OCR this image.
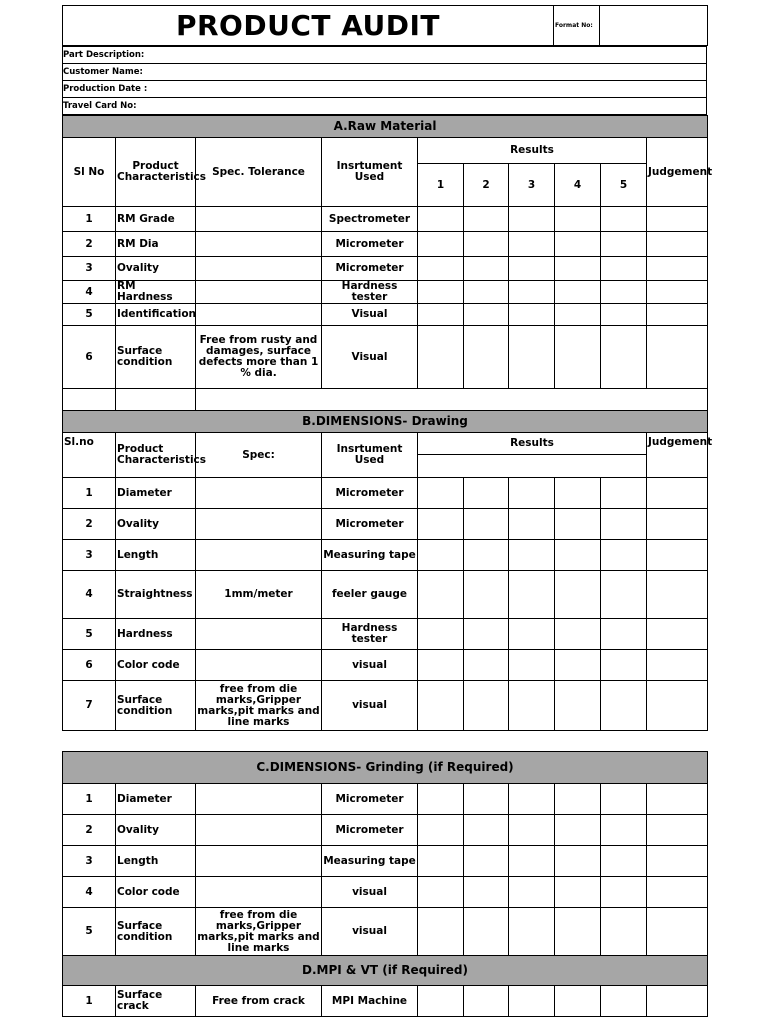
PRODUCT AUDIT	Format No:	
Part Description:
Customer Name:
Production Date :
Travel Card No:
A.Raw Material									
Sl No	Product Characteristics	Spec. Tolerance	Insrtument Used	Results					Judgement
				1	2	3	4	5	
1	RM Grade		Spectrometer						
2	RM Dia		Micrometer						
3	Ovality		Micrometer						
4	RM Hardness		Hardness tester						
5	Identification		Visual						
6	Surface condition	Free from rusty and damages, surface defects more than 1 % dia.	Visual						

B.DIMENSIONS- Drawing									
Sl.no	Product Characteristics	Spec:	Insrtument Used	Results					Judgement

1	Diameter		Micrometer						
2	Ovality		Micrometer						
3	Length		Measuring tape						
4	Straightness	1mm/meter	feeler gauge						
5	Hardness		Hardness tester						
6	Color code		visual						
7	Surface condition	free from die marks,Gripper marks,pit marks and line marks	visual						
C.DIMENSIONS- Grinding (if Required)									
1	Diameter		Micrometer						
2	Ovality		Micrometer						
3	Length		Measuring tape						
4	Color code		visual						
5	Surface condition	free from die marks,Gripper marks,pit marks and line marks	visual						
D.MPI & VT (if Required)									
1	Surface crack	Free from crack	MPI Machine						
